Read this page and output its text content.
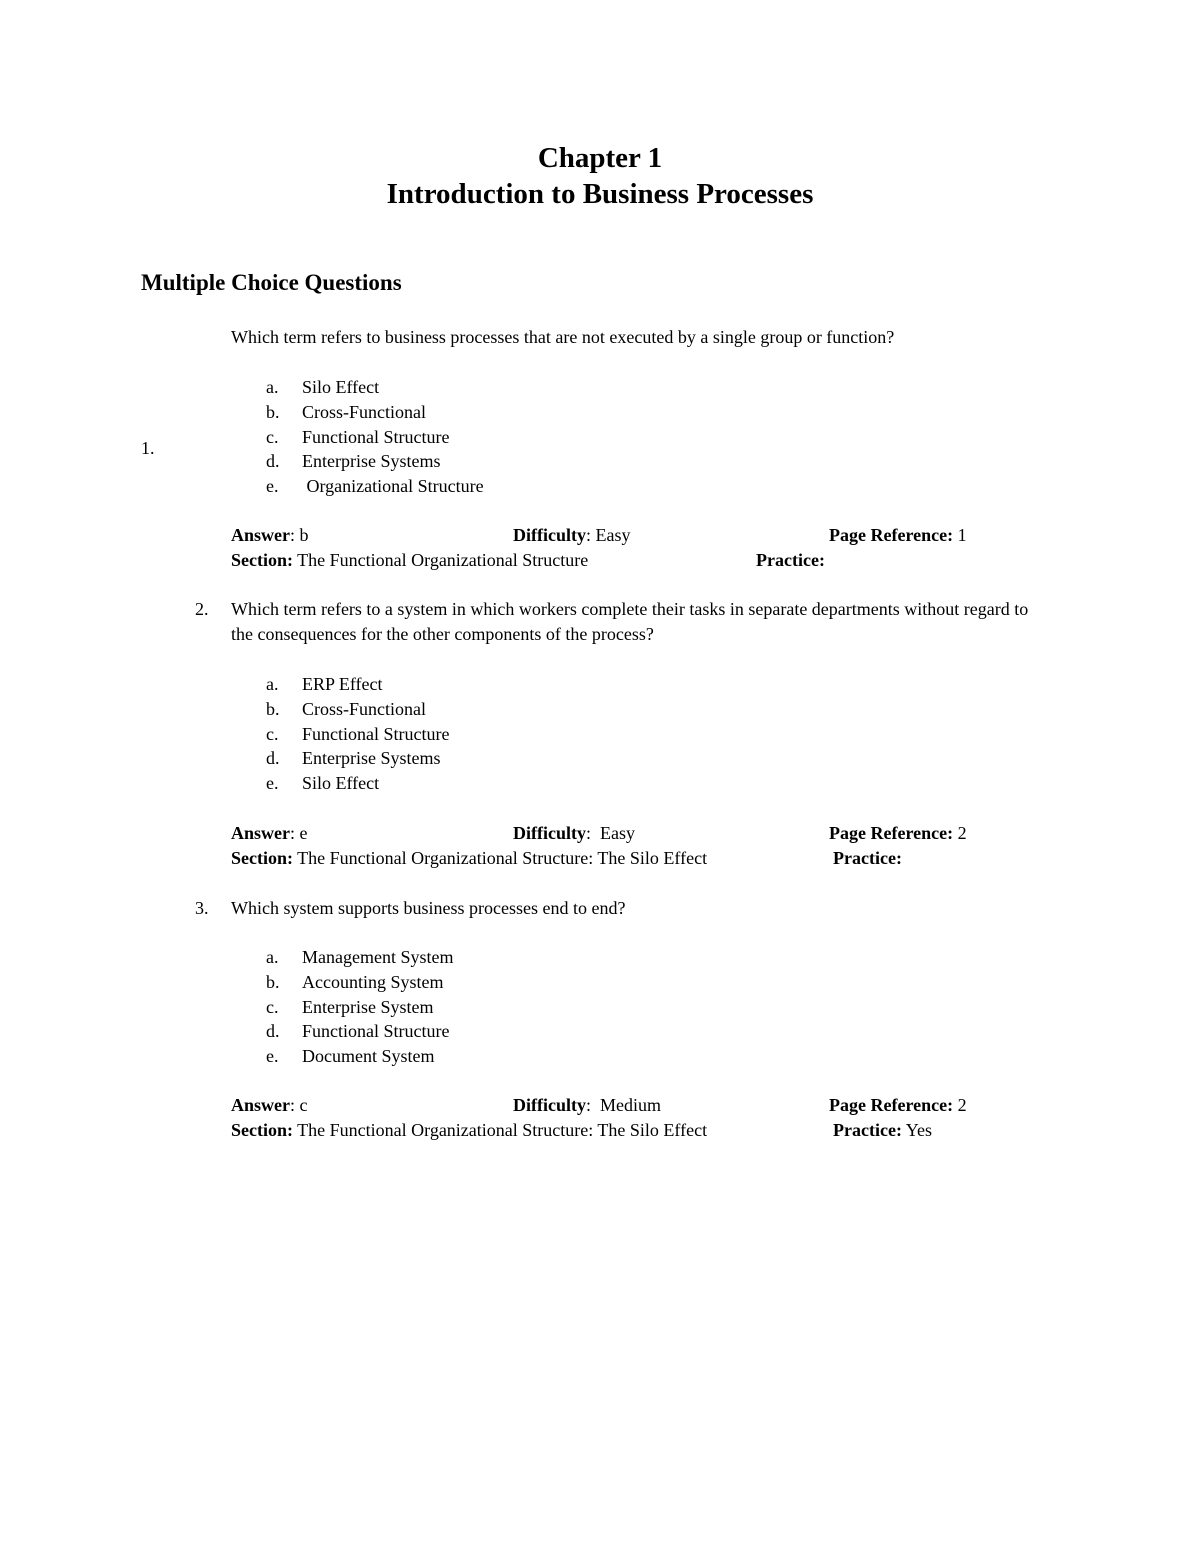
Chapter 1
Introduction to Business Processes
Multiple Choice Questions
1.
Which term refers to business processes that are not executed by a single group or function?
a.	Silo Effect
b.	Cross-Functional
c.	Functional Structure
d.	Enterprise Systems
e.	Organizational Structure
Answer: b	Difficulty: Easy	Page Reference: 1
Section: The Functional Organizational Structure	Practice:
2. Which term refers to a system in which workers complete their tasks in separate departments without regard to the consequences for the other components of the process?
a.	ERP Effect
b.	Cross-Functional
c.	Functional Structure
d.	Enterprise Systems
e.	Silo Effect
Answer: e	Difficulty:  Easy	Page Reference: 2
Section: The Functional Organizational Structure: The Silo Effect	Practice:
3. Which system supports business processes end to end?
a.	Management System
b.	Accounting System
c.	Enterprise System
d.	Functional Structure
e.	Document System
Answer: c	Difficulty:  Medium	Page Reference: 2
Section: The Functional Organizational Structure: The Silo Effect	Practice: Yes
